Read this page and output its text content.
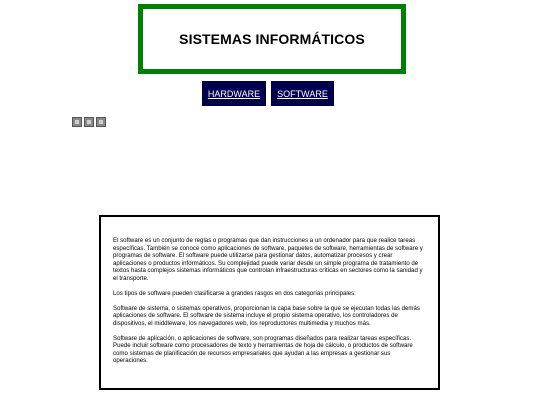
SISTEMAS INFORMÁTICOS
HARDWARE	SOFTWARE

El software es un conjunto de reglas o programas que dan instrucciones a un ordenador para que realice tareas específicas. También se conoce como aplicaciones de software, paquetes de software, herramientas de software y programas de software. El software puede utilizarse para gestionar datos, automatizar procesos y crear aplicaciones o productos informáticos. Su complejidad puede variar desde un simple programa de tratamiento de textos hasta complejos sistemas informáticos que controlan infraestructuras críticas en sectores como la sanidad y el transporte.

Los tipos de software pueden clasificarse a grandes rasgos en dos categorías principales:

Software de sistema, o sistemas operativos, proporcionan la capa base sobre la que se ejecutan todas las demás aplicaciones de software. El software de sistema incluye el propio sistema operativo, los controladores de dispositivos, el middleware, los navegadores web, los reproductores multimedia y muchos más.

Software de aplicación, o aplicaciones de software, son programas diseñados para realizar tareas específicas. Puede incluir software como procesadores de texto y herramientas de hoja de cálculo, o productos de software como sistemas de planificación de recursos empresariales que ayudan a las empresas a gestionar sus operaciones.
